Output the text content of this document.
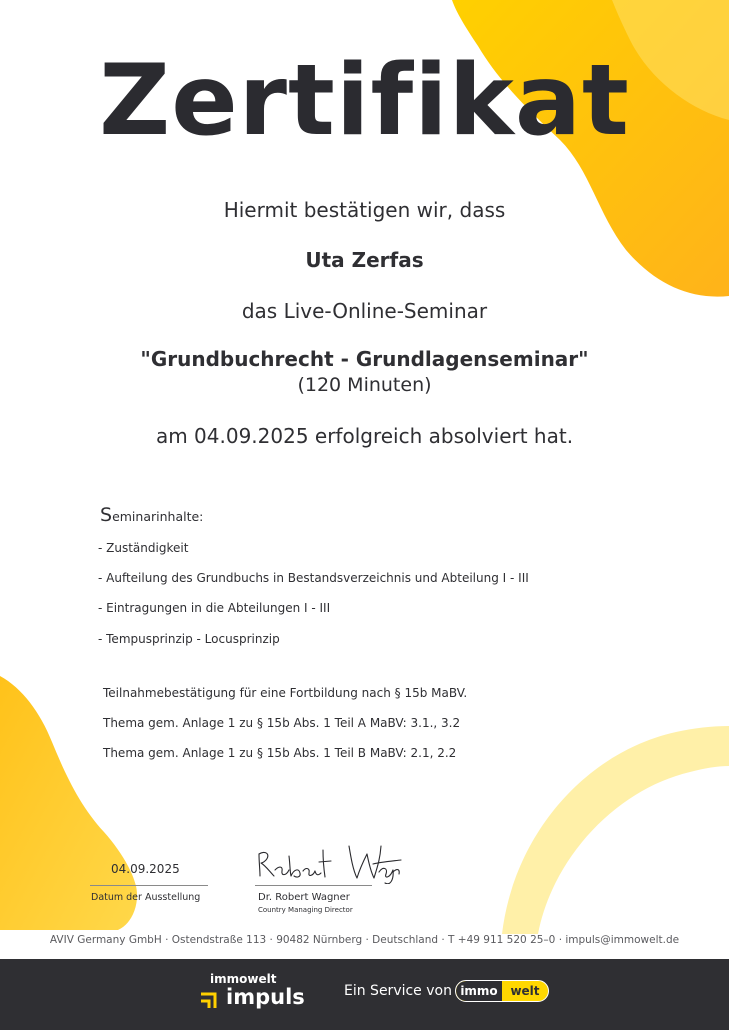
Zertifikat
Hiermit bestätigen wir, dass
Uta Zerfas
das Live-Online-Seminar
"Grundbuchrecht - Grundlagenseminar"
(120 Minuten)
am 04.09.2025 erfolgreich absolviert hat.
Seminarinhalte:
- Zuständigkeit
- Aufteilung des Grundbuchs in Bestandsverzeichnis und Abteilung I - III
- Eintragungen in die Abteilungen I - III
- Tempusprinzip - Locusprinzip
Teilnahmebestätigung für eine Fortbildung nach § 15b MaBV.
Thema gem. Anlage 1 zu § 15b Abs. 1 Teil A MaBV: 3.1., 3.2
Thema gem. Anlage 1 zu § 15b Abs. 1 Teil B MaBV: 2.1, 2.2
04.09.2025
Datum der Ausstellung	Dr. Robert Wagner
Country Managing Director
AVIV Germany GmbH · Ostendstraße 113 · 90482 Nürnberg · Deutschland · T +49 911 520 25–0 · impuls@immowelt.de
immowelt
impuls	Ein Service von immo	welt
